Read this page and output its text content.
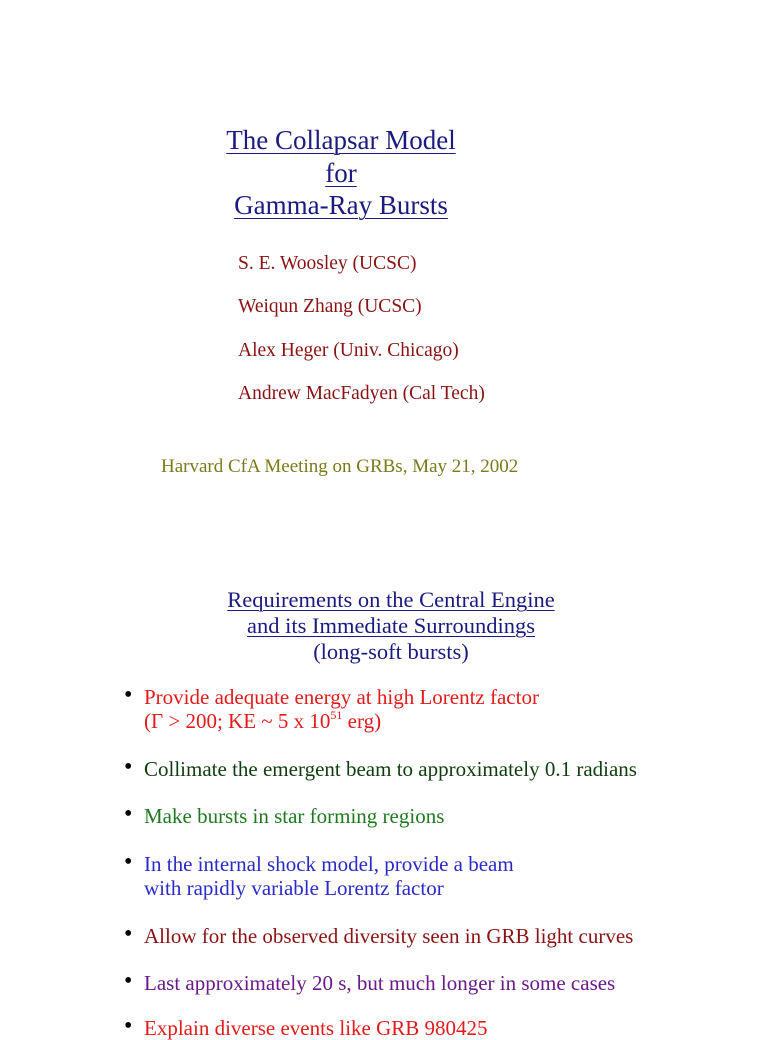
The Collapsar Model
for
Gamma-Ray Bursts
S. E. Woosley (UCSC)
Weiqun Zhang (UCSC)
Alex Heger (Univ. Chicago)
Andrew MacFadyen (Cal Tech)
Harvard CfA Meeting on GRBs, May 21, 2002
Requirements on the Central Engine
and its Immediate Surroundings
(long-soft bursts)
• Provide adequate energy at high Lorentz factor
(Γ > 200; KE ~ 5 x $10^{51}$ erg)
• Collimate the emergent beam to approximately 0.1 radians
• Make bursts in star forming regions
• In the internal shock model, provide a beam
with rapidly variable Lorentz factor
• Allow for the observed diversity seen in GRB light curves
• Last approximately 20 s, but much longer in some cases
• Explain diverse events like GRB 980425
